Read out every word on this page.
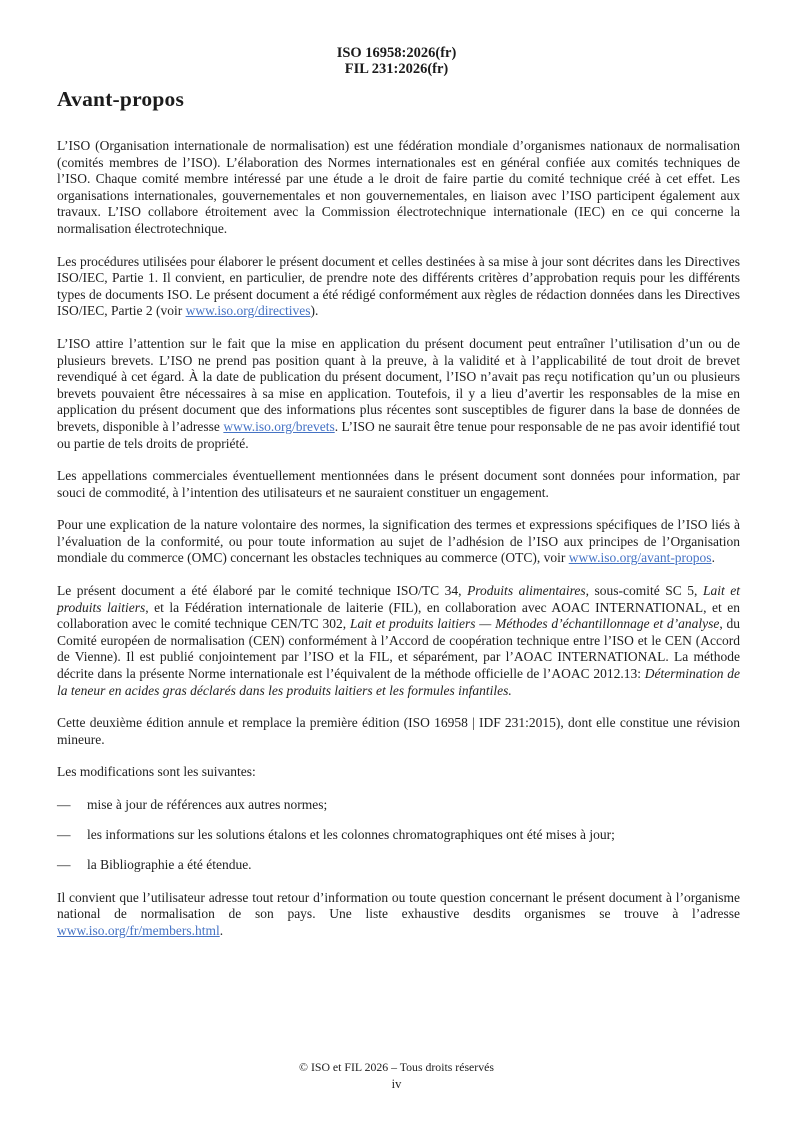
ISO 16958:2026(fr)
FIL 231:2026(fr)
Avant-propos

L’ISO (Organisation internationale de normalisation) est une fédération mondiale d’organismes nationaux de normalisation (comités membres de l’ISO). L’élaboration des Normes internationales est en général confiée aux comités techniques de l’ISO. Chaque comité membre intéressé par une étude a le droit de faire partie du comité technique créé à cet effet. Les organisations internationales, gouvernementales et non gouvernementales, en liaison avec l’ISO participent également aux travaux. L’ISO collabore étroitement avec la Commission électrotechnique internationale (IEC) en ce qui concerne la normalisation électrotechnique.

Les procédures utilisées pour élaborer le présent document et celles destinées à sa mise à jour sont décrites dans les Directives ISO/IEC, Partie 1. Il convient, en particulier, de prendre note des différents critères d’approbation requis pour les différents types de documents ISO. Le présent document a été rédigé conformément aux règles de rédaction données dans les Directives ISO/IEC, Partie 2 (voir www.iso.org/directives).

L’ISO attire l’attention sur le fait que la mise en application du présent document peut entraîner l’utilisation d’un ou de plusieurs brevets. L’ISO ne prend pas position quant à la preuve, à la validité et à l’applicabilité de tout droit de brevet revendiqué à cet égard. À la date de publication du présent document, l’ISO n’avait pas reçu notification qu’un ou plusieurs brevets pouvaient être nécessaires à sa mise en application. Toutefois, il y a lieu d’avertir les responsables de la mise en application du présent document que des informations plus récentes sont susceptibles de figurer dans la base de données de brevets, disponible à l’adresse www.iso.org/brevets. L’ISO ne saurait être tenue pour responsable de ne pas avoir identifié tout ou partie de tels droits de propriété.

Les appellations commerciales éventuellement mentionnées dans le présent document sont données pour information, par souci de commodité, à l’intention des utilisateurs et ne sauraient constituer un engagement.

Pour une explication de la nature volontaire des normes, la signification des termes et expressions spécifiques de l’ISO liés à l’évaluation de la conformité, ou pour toute information au sujet de l’adhésion de l’ISO aux principes de l’Organisation mondiale du commerce (OMC) concernant les obstacles techniques au commerce (OTC), voir www.iso.org/avant-propos.

Le présent document a été élaboré par le comité technique ISO/TC 34, Produits alimentaires, sous-comité SC 5, Lait et produits laitiers, et la Fédération internationale de laiterie (FIL), en collaboration avec AOAC INTERNATIONAL, et en collaboration avec le comité technique CEN/TC 302, Lait et produits laitiers — Méthodes d’échantillonnage et d’analyse, du Comité européen de normalisation (CEN) conformément à l’Accord de coopération technique entre l’ISO et le CEN (Accord de Vienne). Il est publié conjointement par l’ISO et la FIL, et séparément, par l’AOAC INTERNATIONAL. La méthode décrite dans la présente Norme internationale est l’équivalent de la méthode officielle de l’AOAC 2012.13: Détermination de la teneur en acides gras déclarés dans les produits laitiers et les formules infantiles.

Cette deuxième édition annule et remplace la première édition (ISO 16958 | IDF 231:2015), dont elle constitue une révision mineure.

Les modifications sont les suivantes:

—	mise à jour de références aux autres normes;
—	les informations sur les solutions étalons et les colonnes chromatographiques ont été mises à jour;
—	la Bibliographie a été étendue.

Il convient que l’utilisateur adresse tout retour d’information ou toute question concernant le présent document à l’organisme national de normalisation de son pays. Une liste exhaustive desdits organismes se trouve à l’adresse www.iso.org/fr/members.html.

© ISO et FIL 2026 – Tous droits réservés
iv
